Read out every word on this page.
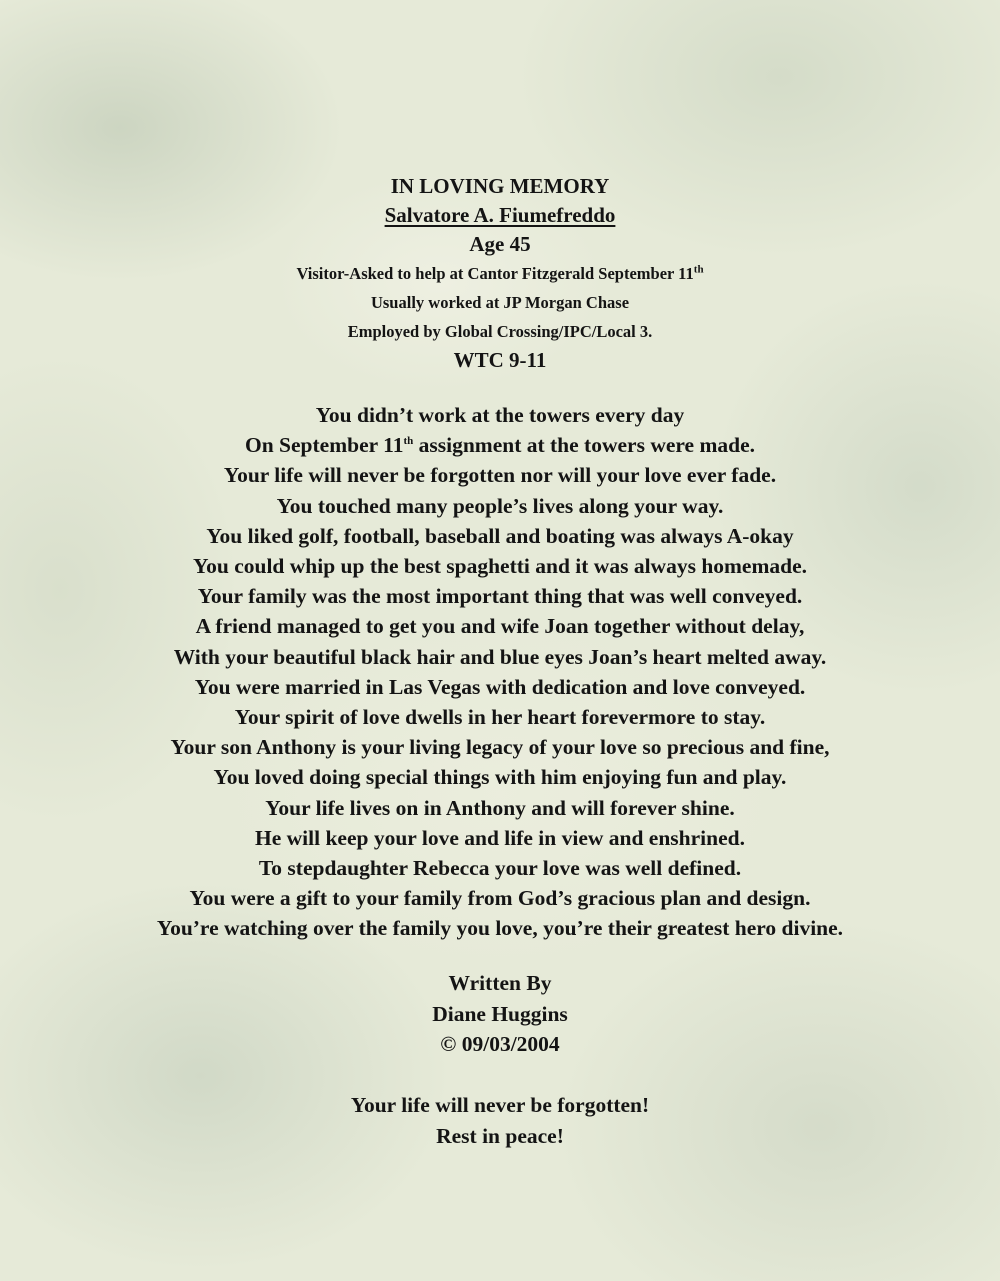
IN LOVING MEMORY
Salvatore A. Fiumefreddo
Age 45
Visitor-Asked to help at Cantor Fitzgerald September 11th
Usually worked at JP Morgan Chase
Employed by Global Crossing/IPC/Local 3.
WTC 9-11
You didn’t work at the towers every day
On September 11th assignment at the towers were made.
Your life will never be forgotten nor will your love ever fade.
You touched many people’s lives along your way.
You liked golf, football, baseball and boating was always A-okay
You could whip up the best spaghetti and it was always homemade.
Your family was the most important thing that was well conveyed.
A friend managed to get you and wife Joan together without delay,
With your beautiful black hair and blue eyes Joan’s heart melted away.
You were married in Las Vegas with dedication and love conveyed.
Your spirit of love dwells in her heart forevermore to stay.
Your son Anthony is your living legacy of your love so precious and fine,
You loved doing special things with him enjoying fun and play.
Your life lives on in Anthony and will forever shine.
He will keep your love and life in view and enshrined.
To stepdaughter Rebecca your love was well defined.
You were a gift to your family from God’s gracious plan and design.
You’re watching over the family you love, you’re their greatest hero divine.
Written By
Diane Huggins
© 09/03/2004
Your life will never be forgotten!
Rest in peace!
